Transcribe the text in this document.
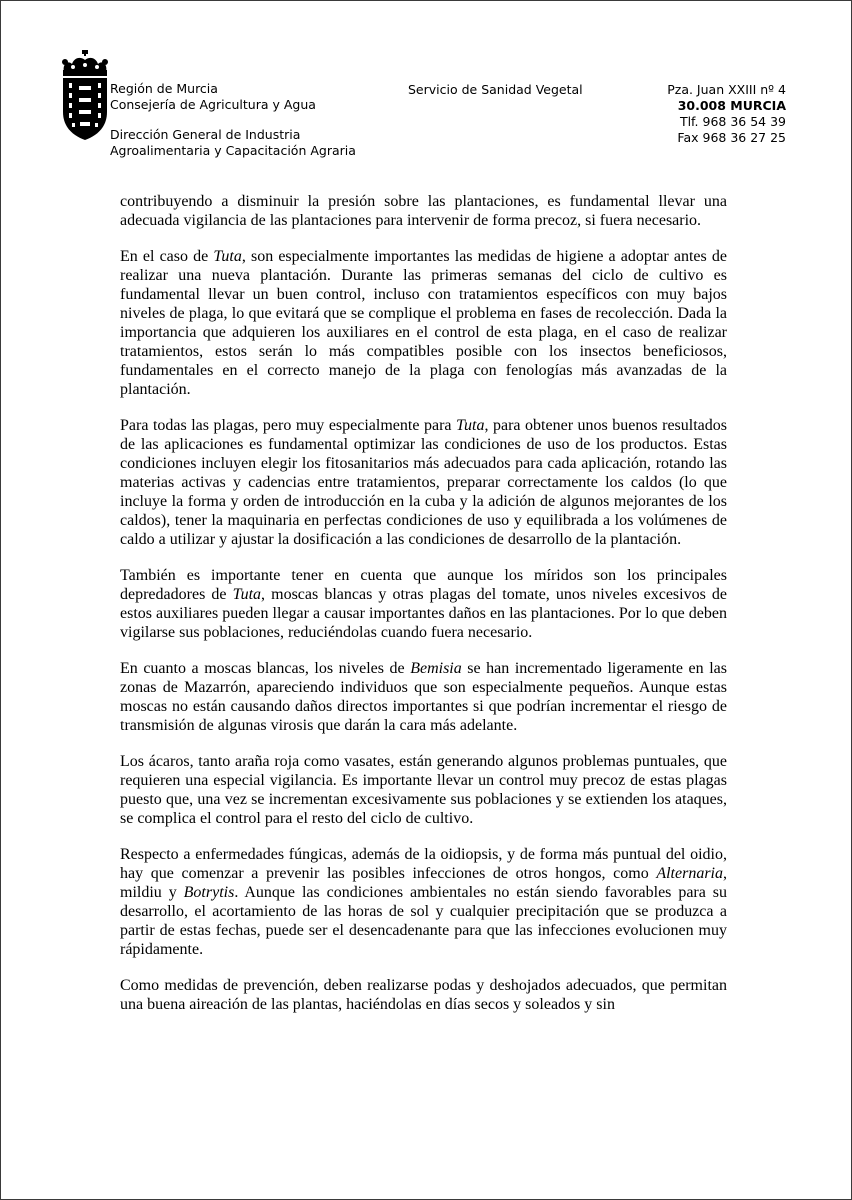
Región de Murcia
Consejería de Agricultura y Agua
Dirección General de Industria
Agroalimentaria y Capacitación Agraria
Servicio de Sanidad Vegetal	Pza. Juan XXIII nº 4
30.008 MURCIA
Tlf. 968 36 54 39
Fax 968 36 27 25

contribuyendo a disminuir la presión sobre las plantaciones, es fundamental llevar una adecuada vigilancia de las plantaciones para intervenir de forma precoz, si fuera necesario.

En el caso de Tuta, son especialmente importantes las medidas de higiene a adoptar antes de realizar una nueva plantación. Durante las primeras semanas del ciclo de cultivo es fundamental llevar un buen control, incluso con tratamientos específicos con muy bajos niveles de plaga, lo que evitará que se complique el problema en fases de recolección. Dada la importancia que adquieren los auxiliares en el control de esta plaga, en el caso de realizar tratamientos, estos serán lo más compatibles posible con los insectos beneficiosos, fundamentales en el correcto manejo de la plaga con fenologías más avanzadas de la plantación.

Para todas las plagas, pero muy especialmente para Tuta, para obtener unos buenos resultados de las aplicaciones es fundamental optimizar las condiciones de uso de los productos. Estas condiciones incluyen elegir los fitosanitarios más adecuados para cada aplicación, rotando las materias activas y cadencias entre tratamientos, preparar correctamente los caldos (lo que incluye la forma y orden de introducción en la cuba y la adición de algunos mejorantes de los caldos), tener la maquinaria en perfectas condiciones de uso y equilibrada a los volúmenes de caldo a utilizar y ajustar la dosificación a las condiciones de desarrollo de la plantación.

También es importante tener en cuenta que aunque los míridos son los principales depredadores de Tuta, moscas blancas y otras plagas del tomate, unos niveles excesivos de estos auxiliares pueden llegar a causar importantes daños en las plantaciones. Por lo que deben vigilarse sus poblaciones, reduciéndolas cuando fuera necesario.

En cuanto a moscas blancas, los niveles de Bemisia se han incrementado ligeramente en las zonas de Mazarrón, apareciendo individuos que son especialmente pequeños. Aunque estas moscas no están causando daños directos importantes si que podrían incrementar el riesgo de transmisión de algunas virosis que darán la cara más adelante.

Los ácaros, tanto araña roja como vasates, están generando algunos problemas puntuales, que requieren una especial vigilancia. Es importante llevar un control muy precoz de estas plagas puesto que, una vez se incrementan excesivamente sus poblaciones y se extienden los ataques, se complica el control para el resto del ciclo de cultivo.

Respecto a enfermedades fúngicas, además de la oidiopsis, y de forma más puntual del oidio, hay que comenzar a prevenir las posibles infecciones de otros hongos, como Alternaria, mildiu y Botrytis. Aunque las condiciones ambientales no están siendo favorables para su desarrollo, el acortamiento de las horas de sol y cualquier precipitación que se produzca a partir de estas fechas, puede ser el desencadenante para que las infecciones evolucionen muy rápidamente.

Como medidas de prevención, deben realizarse podas y deshojados adecuados, que permitan una buena aireación de las plantas, haciéndolas en días secos y soleados y sin
